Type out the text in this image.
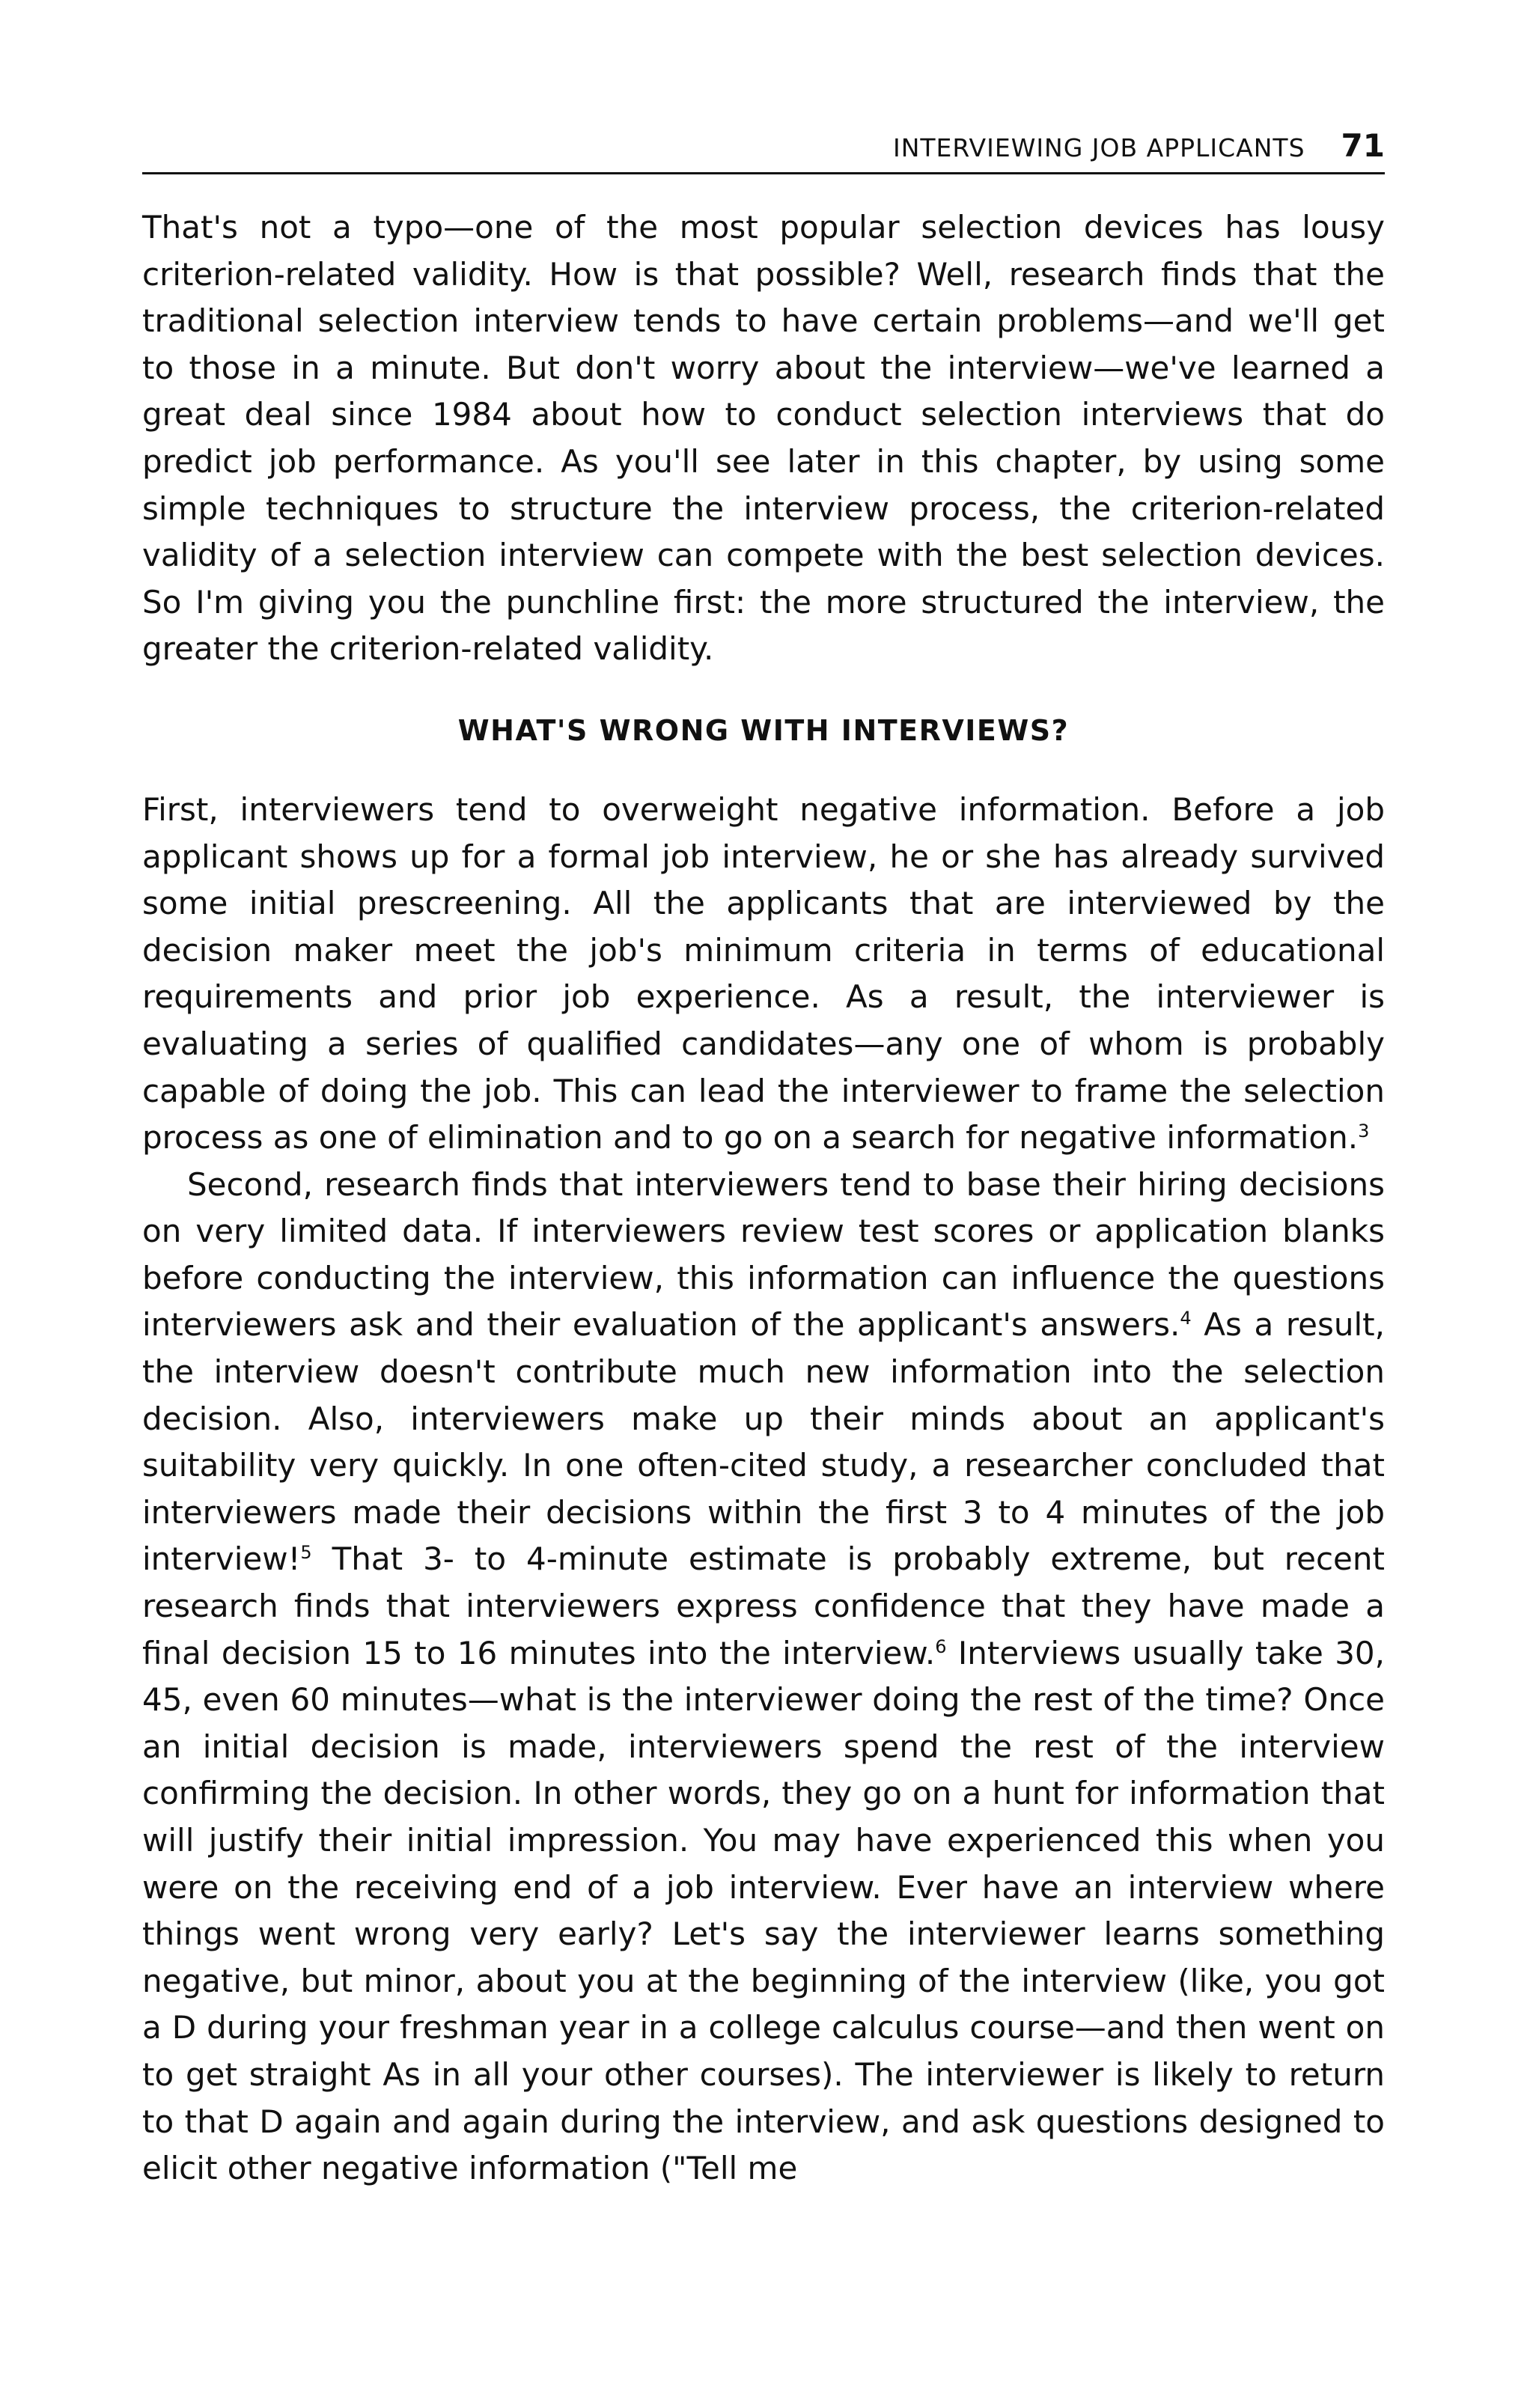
INTERVIEWING JOB APPLICANTS 71

That's not a typo—one of the most popular selection devices has lousy criterion-related validity. How is that possible? Well, research finds that the traditional selection interview tends to have certain problems—and we'll get to those in a minute. But don't worry about the interview—we've learned a great deal since 1984 about how to conduct selection interviews that do predict job performance. As you'll see later in this chapter, by using some simple techniques to structure the interview process, the criterion-related validity of a selection interview can compete with the best selection devices. So I'm giving you the punchline first: the more structured the interview, the greater the criterion-related validity.

WHAT'S WRONG WITH INTERVIEWS?

First, interviewers tend to overweight negative information. Before a job applicant shows up for a formal job interview, he or she has already survived some initial prescreening. All the applicants that are interviewed by the decision maker meet the job's minimum criteria in terms of educational requirements and prior job experience. As a result, the interviewer is evaluating a series of qualified candidates—any one of whom is probably capable of doing the job. This can lead the interviewer to frame the selection process as one of elimination and to go on a search for negative information.$^3$

Second, research finds that interviewers tend to base their hiring decisions on very limited data. If interviewers review test scores or application blanks before conducting the interview, this information can influence the questions interviewers ask and their evaluation of the applicant's answers.$^4$ As a result, the interview doesn't contribute much new information into the selection decision. Also, interviewers make up their minds about an applicant's suitability very quickly. In one often-cited study, a researcher concluded that interviewers made their decisions within the first 3 to 4 minutes of the job interview!$^5$ That 3- to 4-minute estimate is probably extreme, but recent research finds that interviewers express confidence that they have made a final decision 15 to 16 minutes into the interview.$^6$ Interviews usually take 30, 45, even 60 minutes—what is the interviewer doing the rest of the time? Once an initial decision is made, interviewers spend the rest of the interview confirming the decision. In other words, they go on a hunt for information that will justify their initial impression. You may have experienced this when you were on the receiving end of a job interview. Ever have an interview where things went wrong very early? Let's say the interviewer learns something negative, but minor, about you at the beginning of the interview (like, you got a D during your freshman year in a college calculus course—and then went on to get straight As in all your other courses). The interviewer is likely to return to that D again and again during the interview, and ask questions designed to elicit other negative information ("Tell me
